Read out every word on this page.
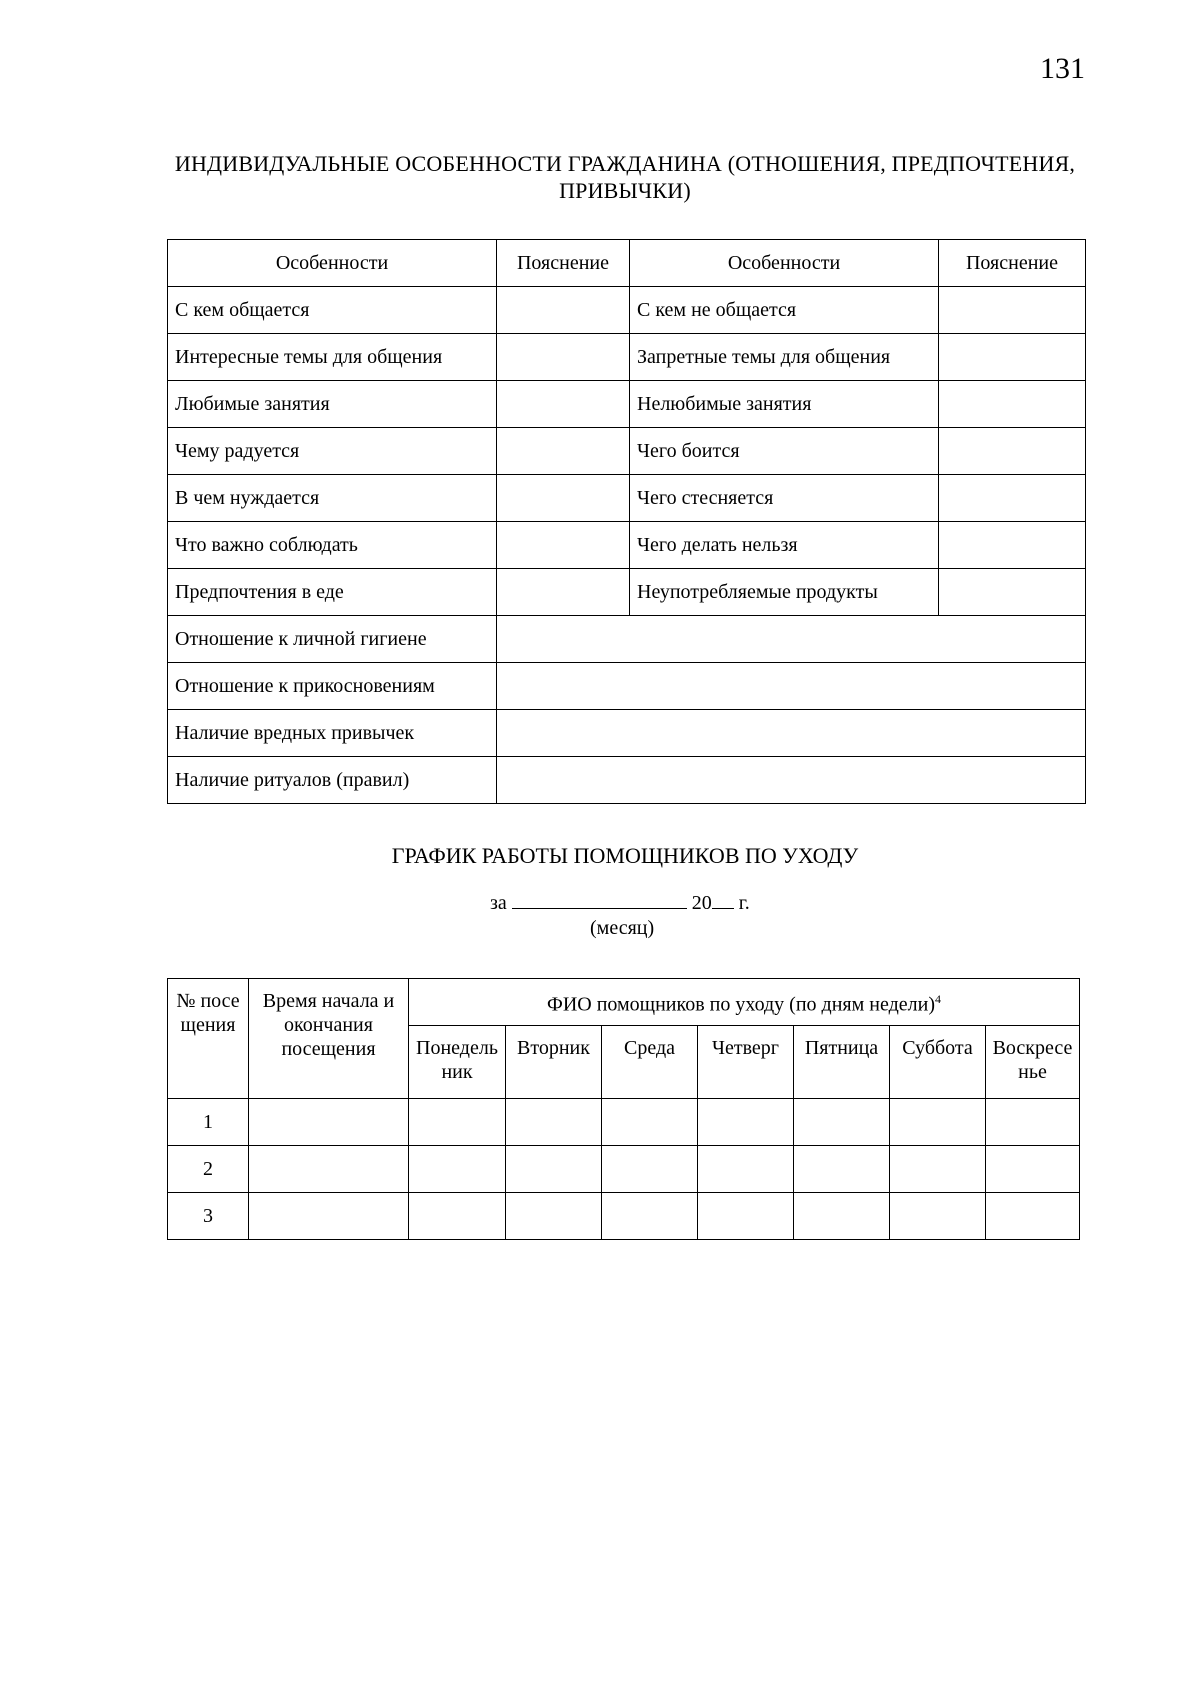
131
ИНДИВИДУАЛЬНЫЕ ОСОБЕННОСТИ ГРАЖДАНИНА (ОТНОШЕНИЯ, ПРЕДПОЧТЕНИЯ, ПРИВЫЧКИ)
Особенности	Пояснение	Особенности	Пояснение
С кем общается		С кем не общается	
Интересные темы для общения		Запретные темы для общения	
Любимые занятия		Нелюбимые занятия	
Чему радуется		Чего боится	
В чем нуждается		Чего стесняется	
Что важно соблюдать		Чего делать нельзя	
Предпочтения в еде		Неупотребляемые продукты	
Отношение к личной гигиене			
Отношение к прикосновениям			
Наличие вредных привычек			
Наличие ритуалов (правил)			
ГРАФИК РАБОТЫ ПОМОЩНИКОВ ПО УХОДУ
за	20 г.
(месяц)
№ посещения	Время начала и окончания посещения	ФИО помощников по уходу (по дням недели)$^4$
		Понедельник	Вторник	Среда	Четверг	Пятница	Суббота	Воскресенье
1								
2								
3								
